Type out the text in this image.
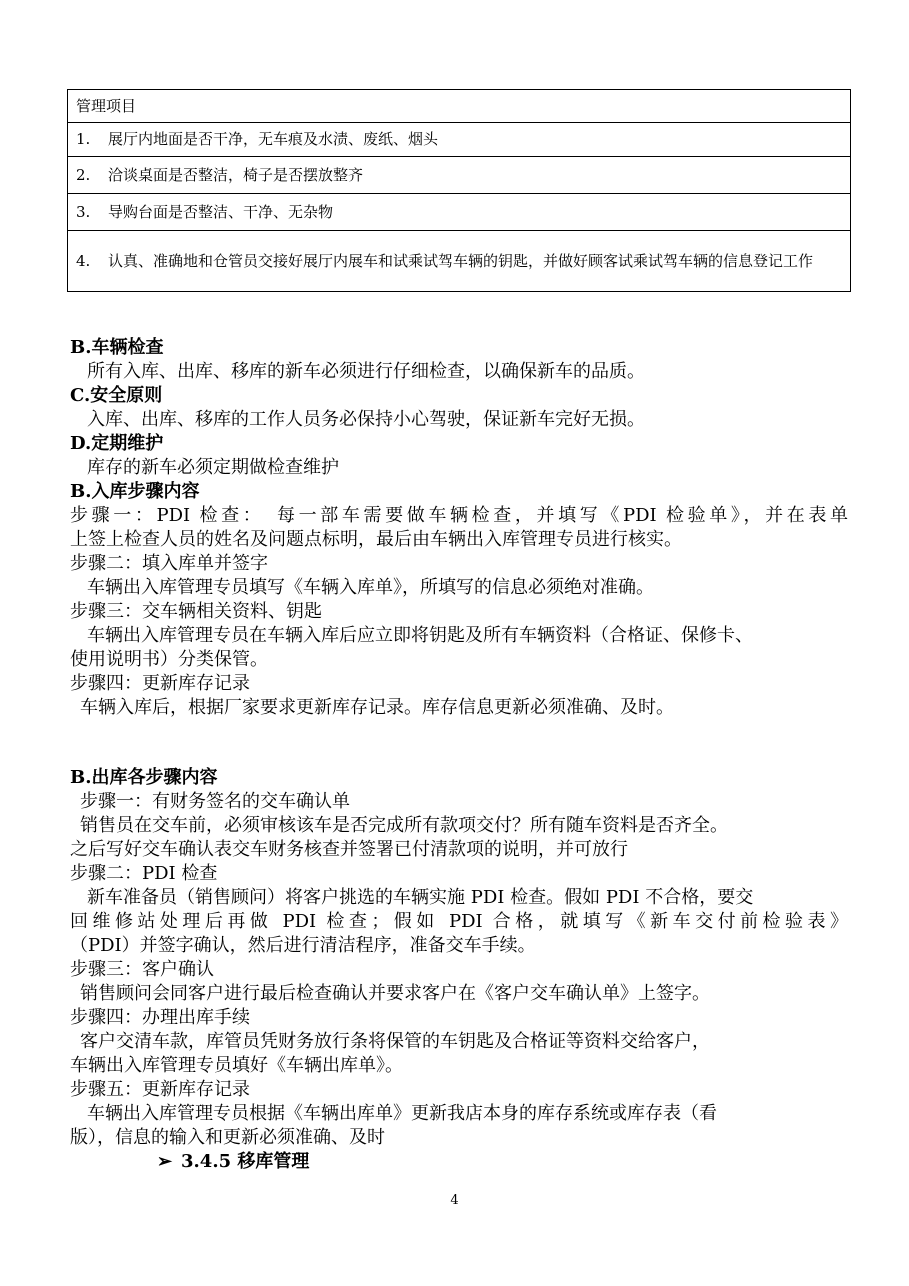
管理项目

1.	展厅内地面是否干净，无车痕及水渍、废纸、烟头

2.	洽谈桌面是否整洁，椅子是否摆放整齐

3.	导购台面是否整洁、干净、无杂物

4.	认真、准确地和仓管员交接好展厅内展车和试乘试驾车辆的钥匙，并做好顾客试乘试驾车辆的信息登记工作
B.车辆检查
所有入库、出库、移库的新车必须进行仔细检查，以确保新车的品质。
C.安全原则
入库、出库、移库的工作人员务必保持小心驾驶，保证新车完好无损。
D.定期维护
库存的新车必须定期做检查维护
B.入库步骤内容
步骤一：PDI 检查：　每一部车需要做车辆检查，并填写《PDI 检验单》，并在表单
上签上检查人员的姓名及问题点标明，最后由车辆出入库管理专员进行核实。
步骤二：填入库单并签字
车辆出入库管理专员填写《车辆入库单》，所填写的信息必须绝对准确。
步骤三：交车辆相关资料、钥匙
车辆出入库管理专员在车辆入库后应立即将钥匙及所有车辆资料（合格证、保修卡、
使用说明书）分类保管。
步骤四：更新库存记录
车辆入库后，根据厂家要求更新库存记录。库存信息更新必须准确、及时。
B.出库各步骤内容
步骤一：有财务签名的交车确认单
销售员在交车前，必须审核该车是否完成所有款项交付？所有随车资料是否齐全。
之后写好交车确认表交车财务核查并签署已付清款项的说明，并可放行
步骤二：PDI 检查
新车准备员（销售顾问）将客户挑选的车辆实施 PDI 检查。假如 PDI 不合格，要交
回维修站处理后再做 PDI 检查；假如 PDI 合格，就填写《新车交付前检验表》
（PDI）并签字确认，然后进行清洁程序，准备交车手续。
步骤三：客户确认
销售顾问会同客户进行最后检查确认并要求客户在《客户交车确认单》上签字。
步骤四：办理出库手续
客户交清车款，库管员凭财务放行条将保管的车钥匙及合格证等资料交给客户，
车辆出入库管理专员填好《车辆出库单》。
步骤五：更新库存记录
车辆出入库管理专员根据《车辆出库单》更新我店本身的库存系统或库存表（看
版），信息的输入和更新必须准确、及时
➢ 3.4.5 移库管理
4
